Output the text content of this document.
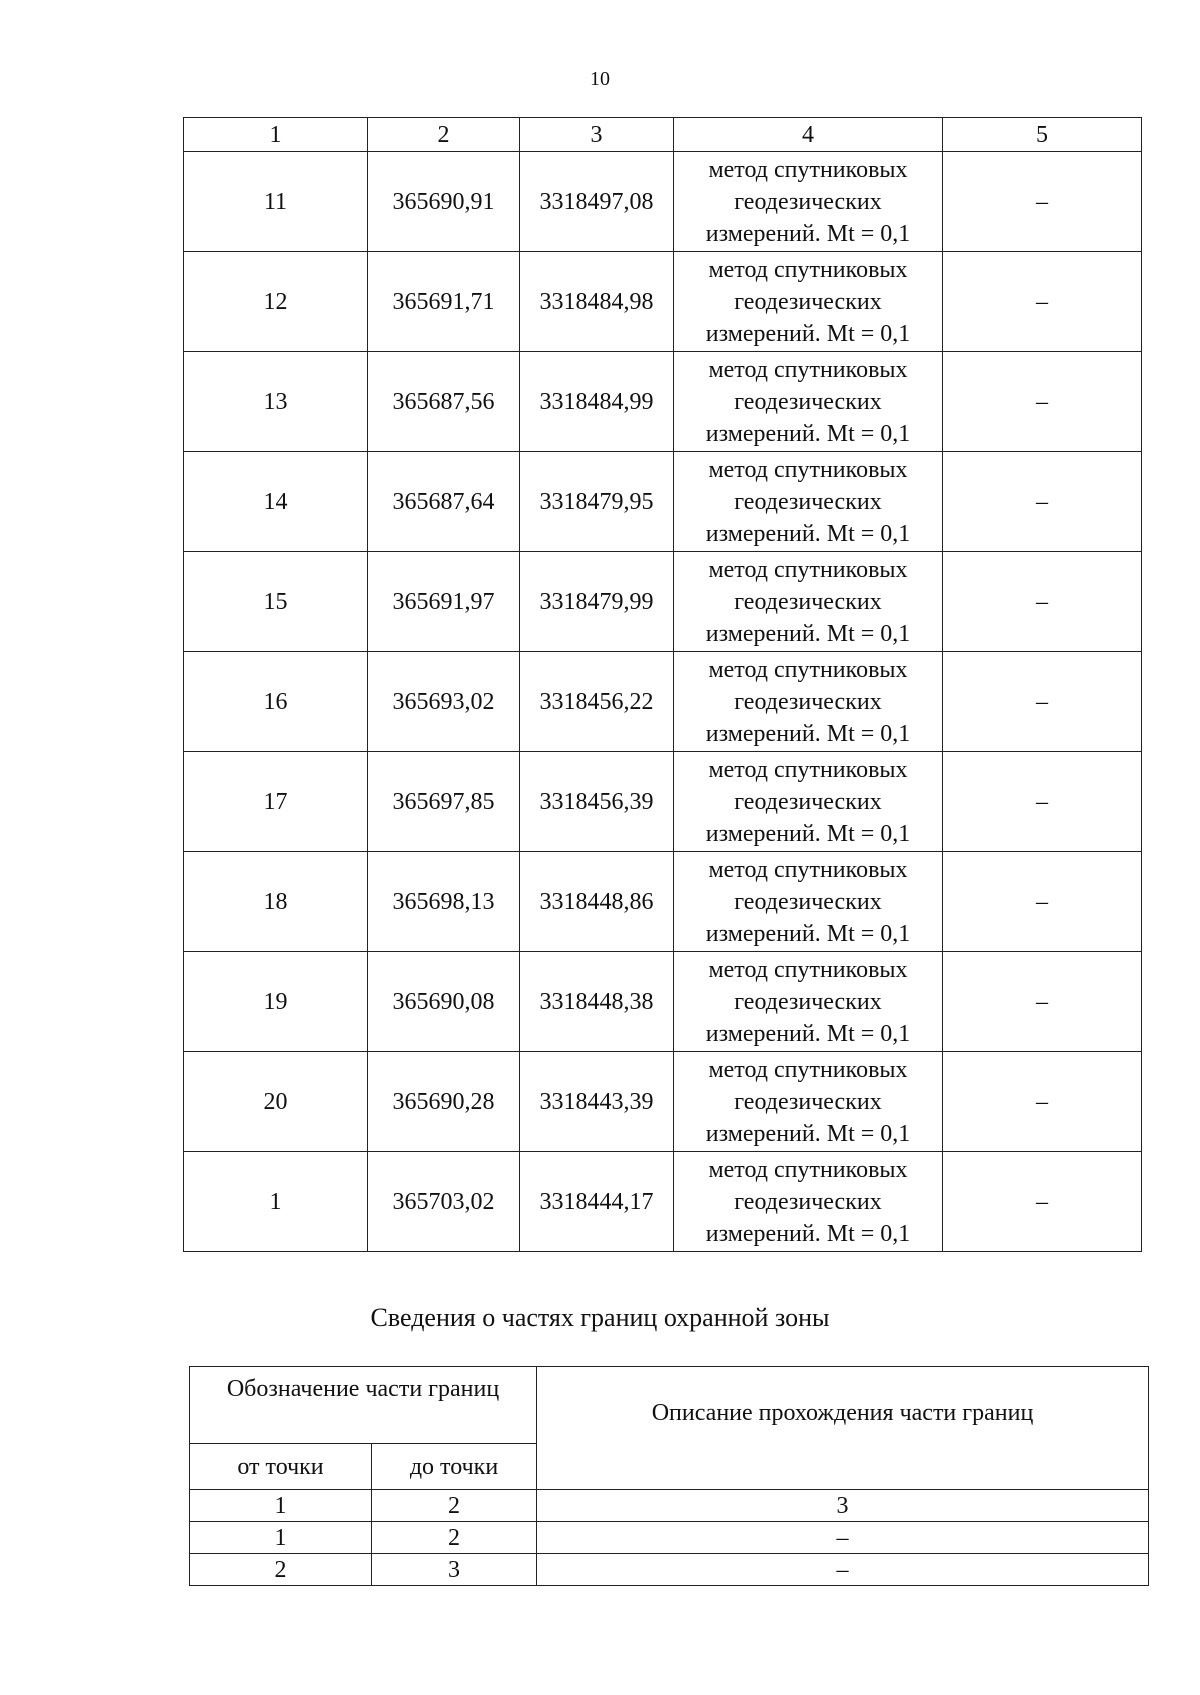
10
1	2	3	4	5
11	365690,91	3318497,08	метод спутниковых
геодезических
измерений. Mt = 0,1	–
12	365691,71	3318484,98	метод спутниковых
геодезических
измерений. Mt = 0,1	–
13	365687,56	3318484,99	метод спутниковых
геодезических
измерений. Mt = 0,1	–
14	365687,64	3318479,95	метод спутниковых
геодезических
измерений. Mt = 0,1	–
15	365691,97	3318479,99	метод спутниковых
геодезических
измерений. Mt = 0,1	–
16	365693,02	3318456,22	метод спутниковых
геодезических
измерений. Mt = 0,1	–
17	365697,85	3318456,39	метод спутниковых
геодезических
измерений. Mt = 0,1	–
18	365698,13	3318448,86	метод спутниковых
геодезических
измерений. Mt = 0,1	–
19	365690,08	3318448,38	метод спутниковых
геодезических
измерений. Mt = 0,1	–
20	365690,28	3318443,39	метод спутниковых
геодезических
измерений. Mt = 0,1	–
1	365703,02	3318444,17	метод спутниковых
геодезических
измерений. Mt = 0,1	–
Сведения о частях границ охранной зоны
Обозначение части границ		Описание прохождения части границ
от точки	до точки	
1	2	3
1	2	–
2	3	–
